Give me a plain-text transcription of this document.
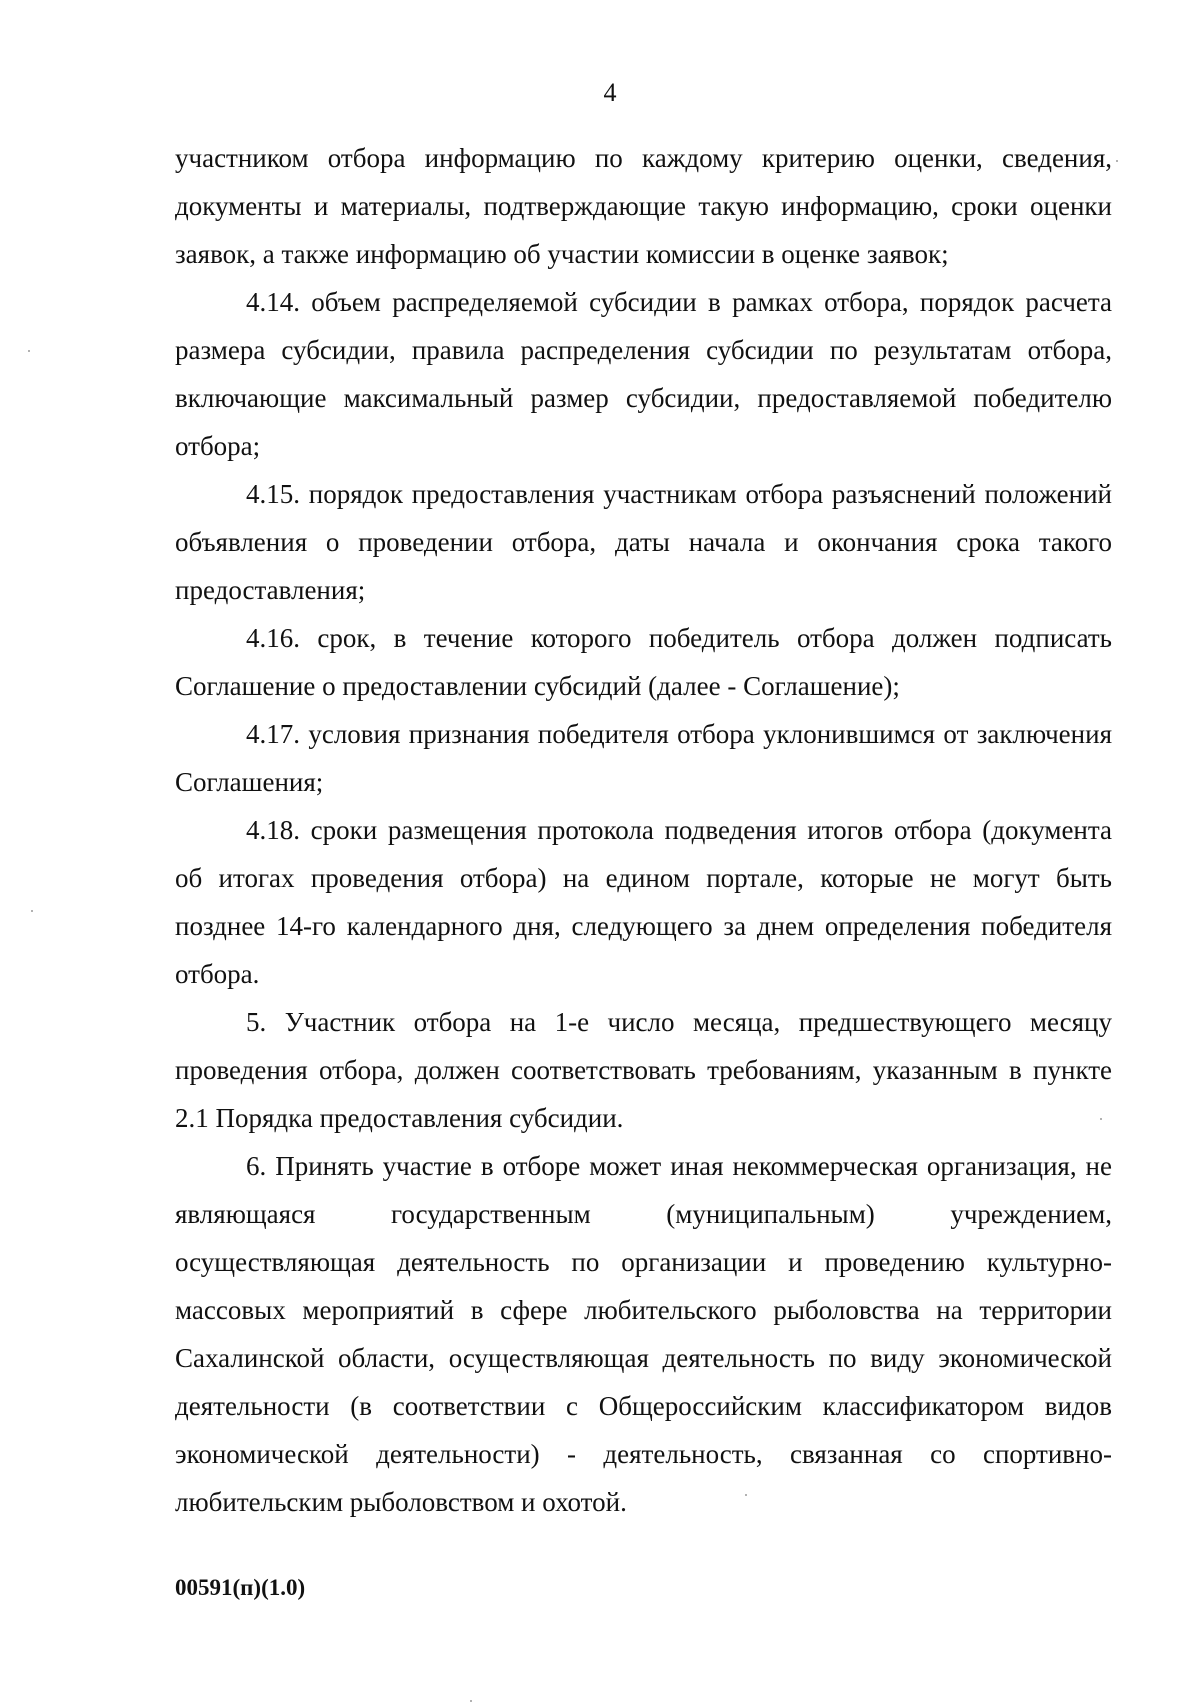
4

участником отбора информацию по каждому критерию оценки, сведения, документы и материалы, подтверждающие такую информацию, сроки оценки заявок, а также информацию об участии комиссии в оценке заявок;

4.14. объем распределяемой субсидии в рамках отбора, порядок расчета размера субсидии, правила распределения субсидии по результатам отбора, включающие максимальный размер субсидии, предоставляемой победителю отбора;

4.15. порядок предоставления участникам отбора разъяснений положений объявления о проведении отбора, даты начала и окончания срока такого предоставления;

4.16. срок, в течение которого победитель отбора должен подписать Соглашение о предоставлении субсидий (далее - Соглашение);

4.17. условия признания победителя отбора уклонившимся от заключения Соглашения;

4.18. сроки размещения протокола подведения итогов отбора (документа об итогах проведения отбора) на едином портале, которые не могут быть позднее 14-го календарного дня, следующего за днем определения победителя отбора.

5. Участник отбора на 1-е число месяца, предшествующего месяцу проведения отбора, должен соответствовать требованиям, указанным в пункте 2.1 Порядка предоставления субсидии.

6. Принять участие в отборе может иная некоммерческая организация, не являющаяся государственным (муниципальным) учреждением, осуществляющая деятельность по организации и проведению культурно-массовых мероприятий в сфере любительского рыболовства на территории Сахалинской области, осуществляющая деятельность по виду экономической деятельности (в соответствии с Общероссийским классификатором видов экономической деятельности) - деятельность, связанная со спортивно-любительским рыболовством и охотой.

00591(п)(1.0)
